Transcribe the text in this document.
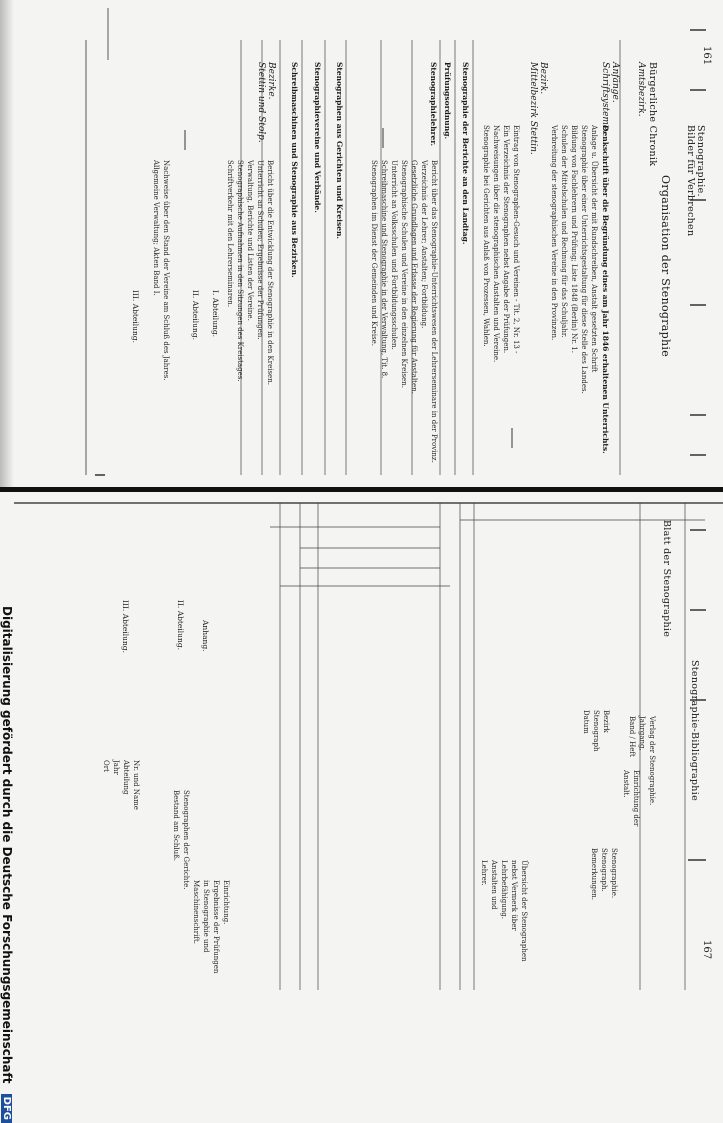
161
Stenographie.
Bilder für Verbrechen
Organisation der Stenographie
Bürgerliche Chronik
Amtsbezirk.
Anfänge.
Schriftsysteme.
Denkschrift über die Begründung eines am Jahr 1846 erhaltenen Unterrichts.
Anlage u. Übersicht der mit Rundschreiben, Anstalt gesetzten Schrift
Stenographie über einer Unterrichtsgestaltung für diese Stelle des Landes.
Bildung von Fachlehrern und Prüfung; Liste 1848 (Berlin) Nr. 1.
Schulen der Mittelschulen und Rechnung für das Schuljahr.
Verbreitung der stenographischen Vereine in den Provinzen.
Bezirk.
Mittelbezirk Stettin.
Eintrag von Stenographen-Gesuch und Vereinen - Tit. 2, Nr. 13 -
Ein Verzeichnis der Stenographen nebst Angabe der Prüfungen.
Nachweisungen über die stenographischen Anstalten und Vereine.
Stenographie bei Gerichten aus Anlaß von Prozessen, Wahlen.
Stenographie der Berichte an den Landtag.
Prüfungsordnung.
Stenographielehrer.
Bericht über das Stenographie-Unterrichtswesen der Lehrerseminare in der Provinz.
Verzeichnis der Lehrer; Anstalten; Fortbildung.
Gesetzliche Grundlagen und Erlasse der Regierung für Anstalten.
Stenographische Schulen und Vereine in den einzelnen Kreisen.
Unterricht an Volksschulen und Fortbildungsschulen.
Schreibmaschine und Stenographie in der Verwaltung, Tit. 8.
Stenographen im Dienst der Gemeinden und Kreise.
Stenographen aus Gerichten und Kreisen.
Stenographievereine und Verbände.
Schreibmaschinen und Stenographie aus Bezirken.
Bezirke.
Stettin und Stolp.
Bericht über die Entwicklung der Stenographie in den Kreisen.
Unterricht an Schulen; Ergebnisse der Prüfungen.
Verwaltung, Berichte und Listen der Vereine.
Stenographische Aufnahmen in den Sitzungen des Kreistages.
Schriftverkehr mit den Lehrerseminaren.
Nachweise über den Stand der Vereine am Schluß des Jahres.
Allgemeine Verwaltung; Akten Band I.
I. Abteilung.
II. Abteilung.
III. Abteilung.
Stenographie-Bibliographie
Blatt der Stenographie
Anhang.
II. Abteilung.
III. Abteilung.
Verlag der Stenographie.
Jahrgang,
Band / Heft
Bezirk
Stenograph
Datum
Einrichtung der
Anstalt.
Stenographie.
Stenograph.
Bemerkungen.
Einrichtung.
Ergebnisse der Prüfungen
in Stenographie und
Maschinenschrift.
Stenographen der Gerichte.
Bestand am Schluß.
Nr. und Name
Abteilung
Jahr
Ort
167
Übersicht der Stenographen
nebst Vermerk über
Lehrbefähigung.
Anstalten und
Lehrer.
Digitalisierung gefördert durch die Deutsche Forschungsgemeinschaft DFG
